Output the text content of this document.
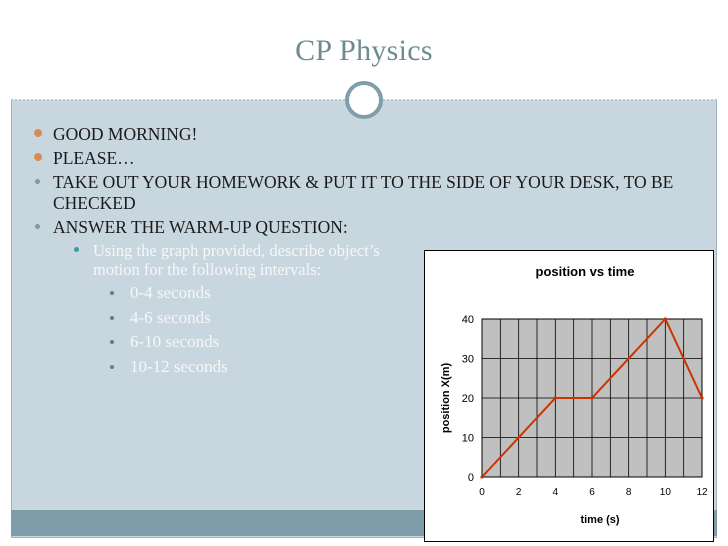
CP Physics
GOOD MORNING!
PLEASE…
TAKE OUT YOUR HOMEWORK & PUT IT TO THE SIDE OF YOUR DESK, TO BE CHECKED
ANSWER THE WARM-UP QUESTION:
Using the graph provided, describe object’s motion for the following intervals:
0-4 seconds
4-6 seconds
6-10 seconds
10-12 seconds
position vs time
0
10
20
30
40
0	2	4	6	8	10	12
time (s)
position X(m)
